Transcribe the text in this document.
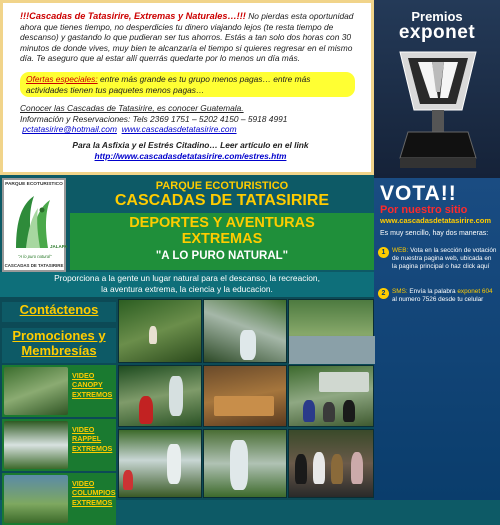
!!!Cascadas de Tatasirire, Extremas y Naturales…!!! No pierdas esta oportunidad ahora que tienes tiempo, no desperdicies tu dinero viajando lejos (te resta tiempo de descanso) y gastando lo que pudieran ser tus ahorros. Estás a tan solo dos horas con 30 minutos de donde vives, muy bien te alcanzaría el tiempo si quieres regresar en el mismo día. Te aseguro que al estar allí querrás quedarte por lo menos un día más.

Ofertas especiales: entre más grande es tu grupo menos pagas… entre más actividades tienen tus paquetes menos pagas…

Conocer las Cascadas de Tatasirire, es conocer Guatemala.
Información y Reservaciones: Tels 2369 1751 – 5202 4150 – 5918 4991
pctatasirire@hotmail.com www.cascadasdetatasirire.com
Para la Asfixia y el Estrés Citadino… Leer artículo en el link
http://www.cascadasdetatasirire.com/estres.htm
Premios
exponet
VOTA!!
Por nuestro sitio
www.cascadasdetatasirire.com
Es muy sencillo, hay dos maneras:
1	WEB: Vota en la sección de votación de nuestra pagina web, ubicada en la pagina principal o haz click aquí
2	SMS: Envía la palabra exponet 604 al numero 7526 desde tu celular
PARQUE ECOTURISTICO
JALAPA
"A lo puro natural"
CASCADAS DE TATASIRIRE
PARQUE ECOTURISTICO
CASCADAS DE TATASIRIRE
DEPORTES Y AVENTURAS
EXTREMAS
"A LO PURO NATURAL"
Proporciona a la gente un lugar natural para el descanso, la recreacion,
la aventura extrema, la ciencia y la educacion.
Contáctenos
Promociones y Membresías
VIDEO CANOPY EXTREMOS
VIDEO RAPPEL EXTREMOS
VIDEO COLUMPIOS EXTREMOS
